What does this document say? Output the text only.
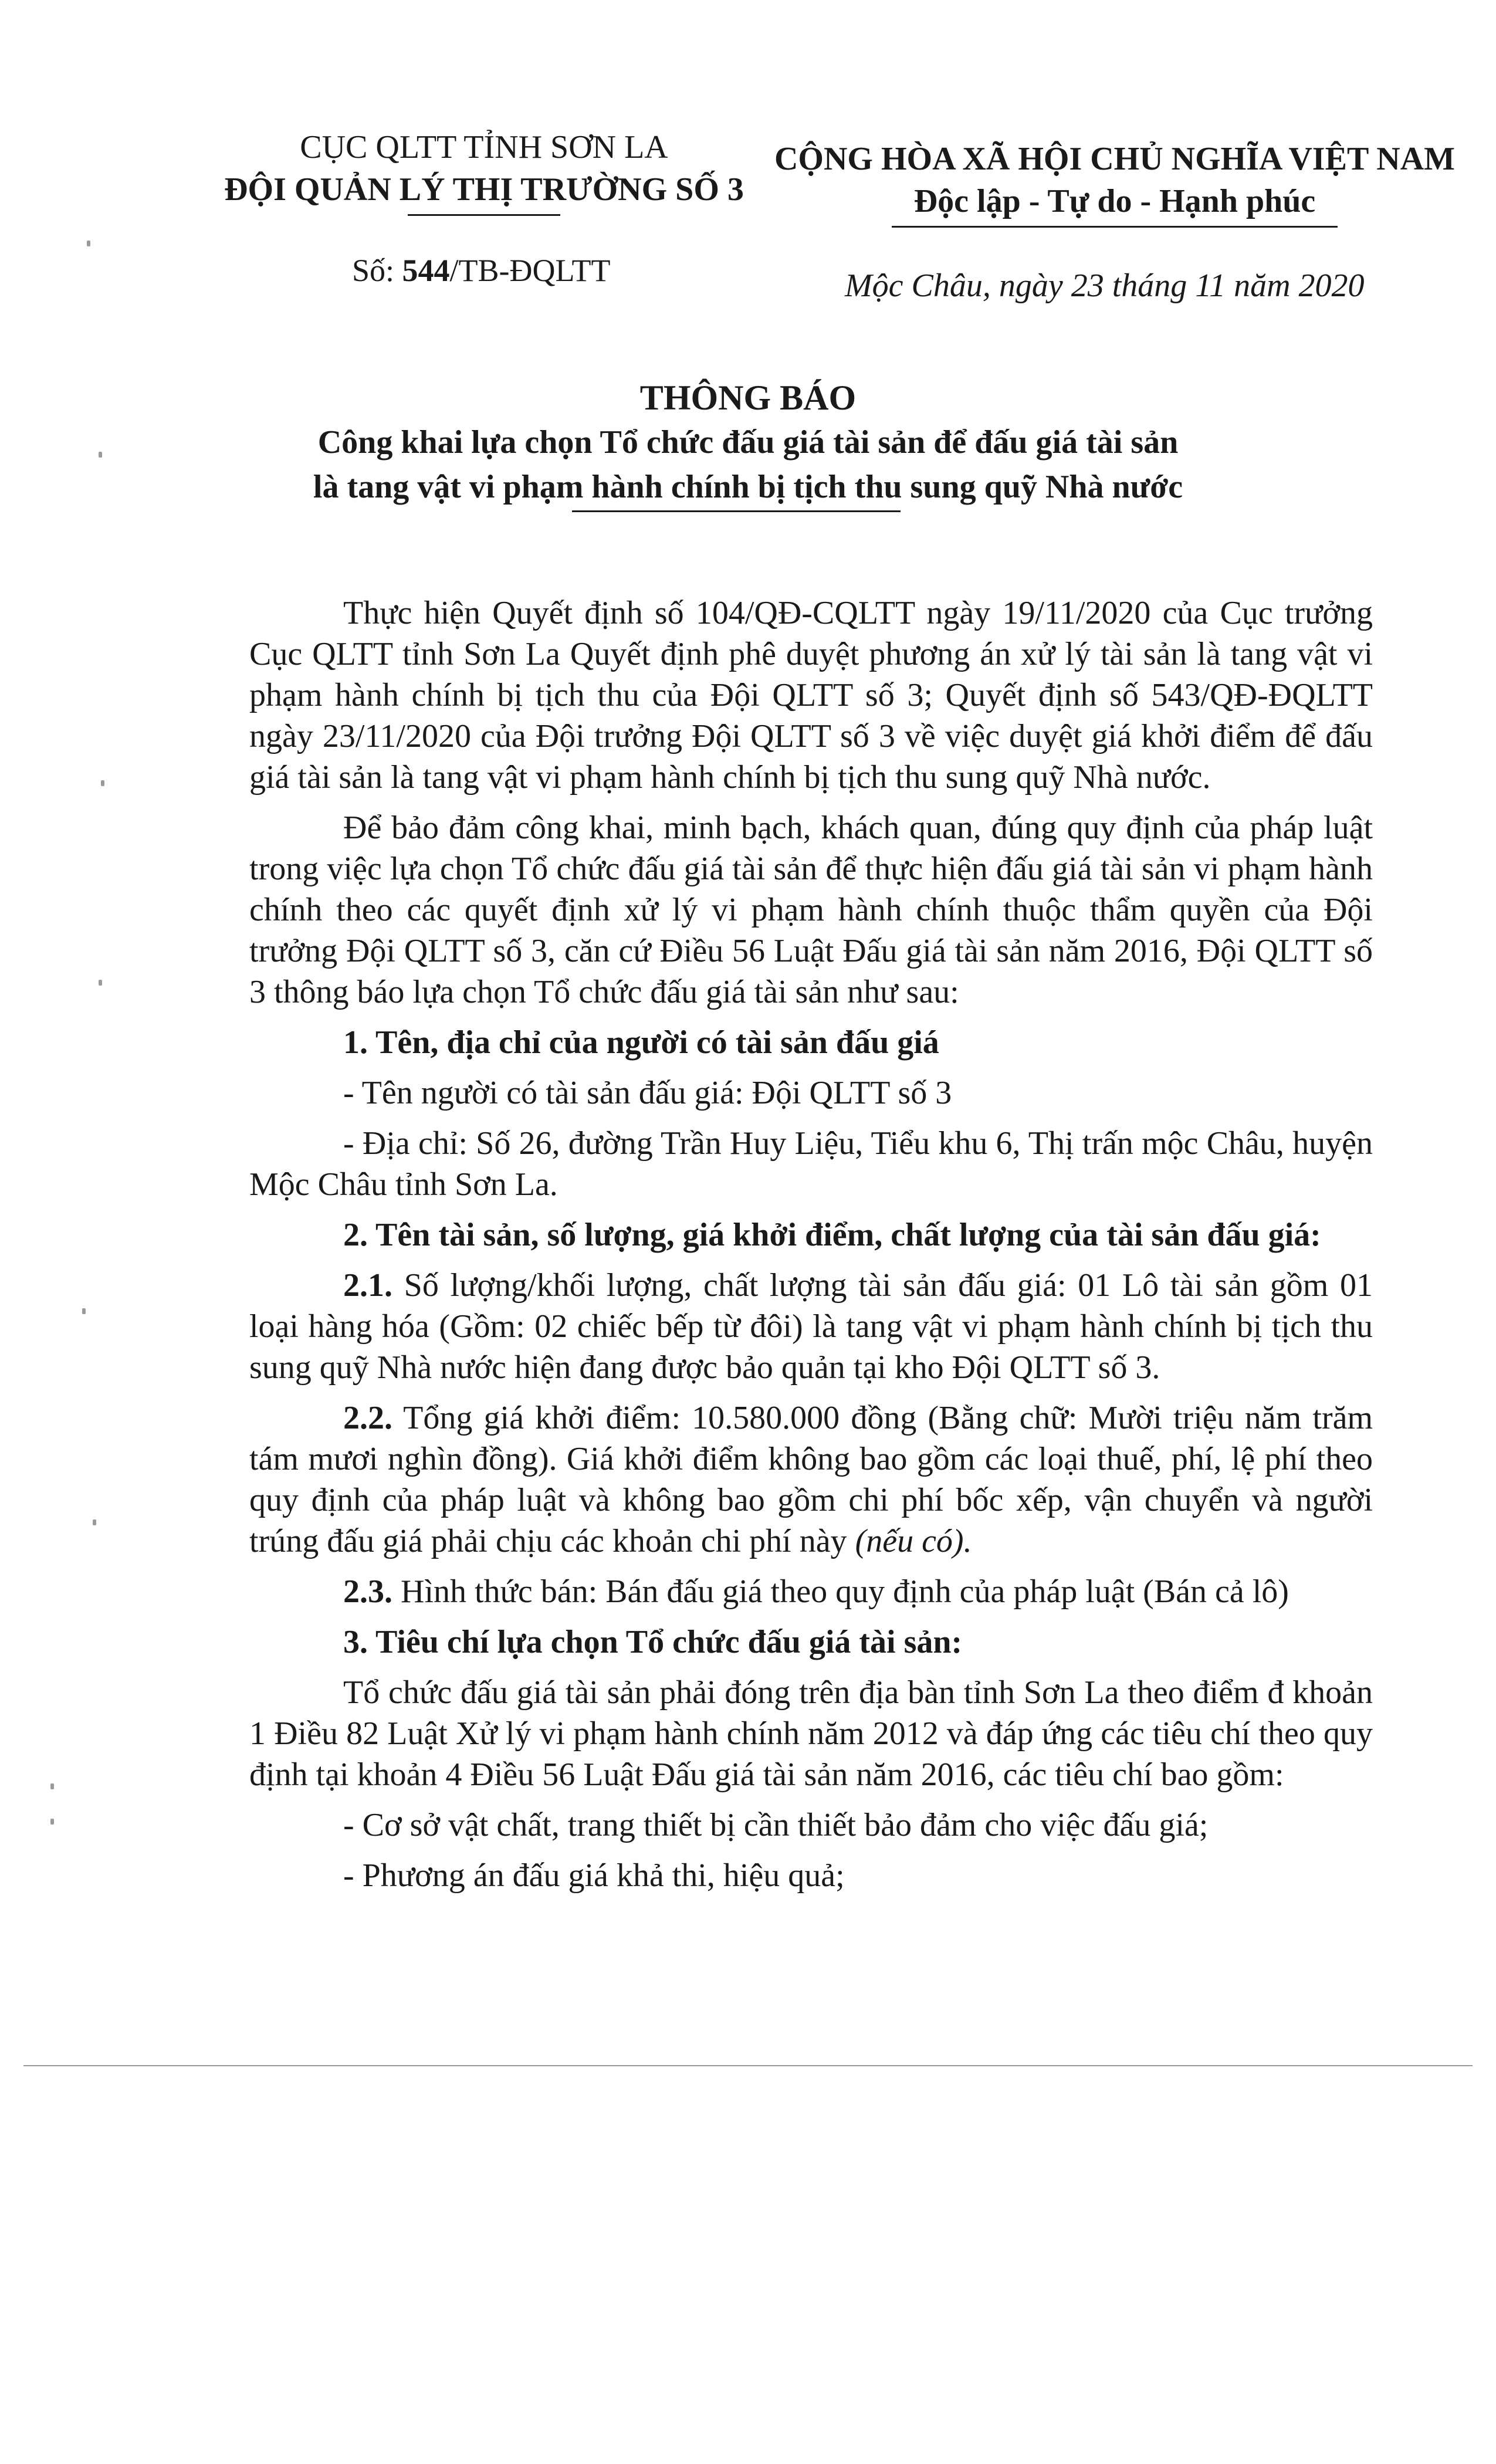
CỤC QLTT TỈNH SƠN LA
ĐỘI QUẢN LÝ THỊ TRƯỜNG SỐ 3
CỘNG HÒA XÃ HỘI CHỦ NGHĨA VIỆT NAM
Độc lập - Tự do - Hạnh phúc
Số: 544/TB-ĐQLTT	Mộc Châu, ngày 23 tháng 11 năm 2020
THÔNG BÁO
Công khai lựa chọn Tổ chức đấu giá tài sản để đấu giá tài sản
là tang vật vi phạm hành chính bị tịch thu sung quỹ Nhà nước

Thực hiện Quyết định số 104/QĐ-CQLTT ngày 19/11/2020 của Cục trưởng Cục QLTT tỉnh Sơn La Quyết định phê duyệt phương án xử lý tài sản là tang vật vi phạm hành chính bị tịch thu của Đội QLTT số 3; Quyết định số 543/QĐ-ĐQLTT ngày 23/11/2020 của Đội trưởng Đội QLTT số 3 về việc duyệt giá khởi điểm để đấu giá tài sản là tang vật vi phạm hành chính bị tịch thu sung quỹ Nhà nước.

Để bảo đảm công khai, minh bạch, khách quan, đúng quy định của pháp luật trong việc lựa chọn Tổ chức đấu giá tài sản để thực hiện đấu giá tài sản vi phạm hành chính theo các quyết định xử lý vi phạm hành chính thuộc thẩm quyền của Đội trưởng Đội QLTT số 3, căn cứ Điều 56 Luật Đấu giá tài sản năm 2016, Đội QLTT số 3 thông báo lựa chọn Tổ chức đấu giá tài sản như sau:

1. Tên, địa chỉ của người có tài sản đấu giá

- Tên người có tài sản đấu giá: Đội QLTT số 3

- Địa chỉ: Số 26, đường Trần Huy Liệu, Tiểu khu 6, Thị trấn mộc Châu, huyện Mộc Châu tỉnh Sơn La.

2. Tên tài sản, số lượng, giá khởi điểm, chất lượng của tài sản đấu giá:

2.1. Số lượng/khối lượng, chất lượng tài sản đấu giá: 01 Lô tài sản gồm 01 loại hàng hóa (Gồm: 02 chiếc bếp từ đôi) là tang vật vi phạm hành chính bị tịch thu sung quỹ Nhà nước hiện đang được bảo quản tại kho Đội QLTT số 3.

2.2. Tổng giá khởi điểm: 10.580.000 đồng (Bằng chữ: Mười triệu năm trăm tám mươi nghìn đồng). Giá khởi điểm không bao gồm các loại thuế, phí, lệ phí theo quy định của pháp luật và không bao gồm chi phí bốc xếp, vận chuyển và người trúng đấu giá phải chịu các khoản chi phí này (nếu có).

2.3. Hình thức bán: Bán đấu giá theo quy định của pháp luật (Bán cả lô)

3. Tiêu chí lựa chọn Tổ chức đấu giá tài sản:

Tổ chức đấu giá tài sản phải đóng trên địa bàn tỉnh Sơn La theo điểm đ khoản 1 Điều 82 Luật Xử lý vi phạm hành chính năm 2012 và đáp ứng các tiêu chí theo quy định tại khoản 4 Điều 56 Luật Đấu giá tài sản năm 2016, các tiêu chí bao gồm:

- Cơ sở vật chất, trang thiết bị cần thiết bảo đảm cho việc đấu giá;

- Phương án đấu giá khả thi, hiệu quả;
